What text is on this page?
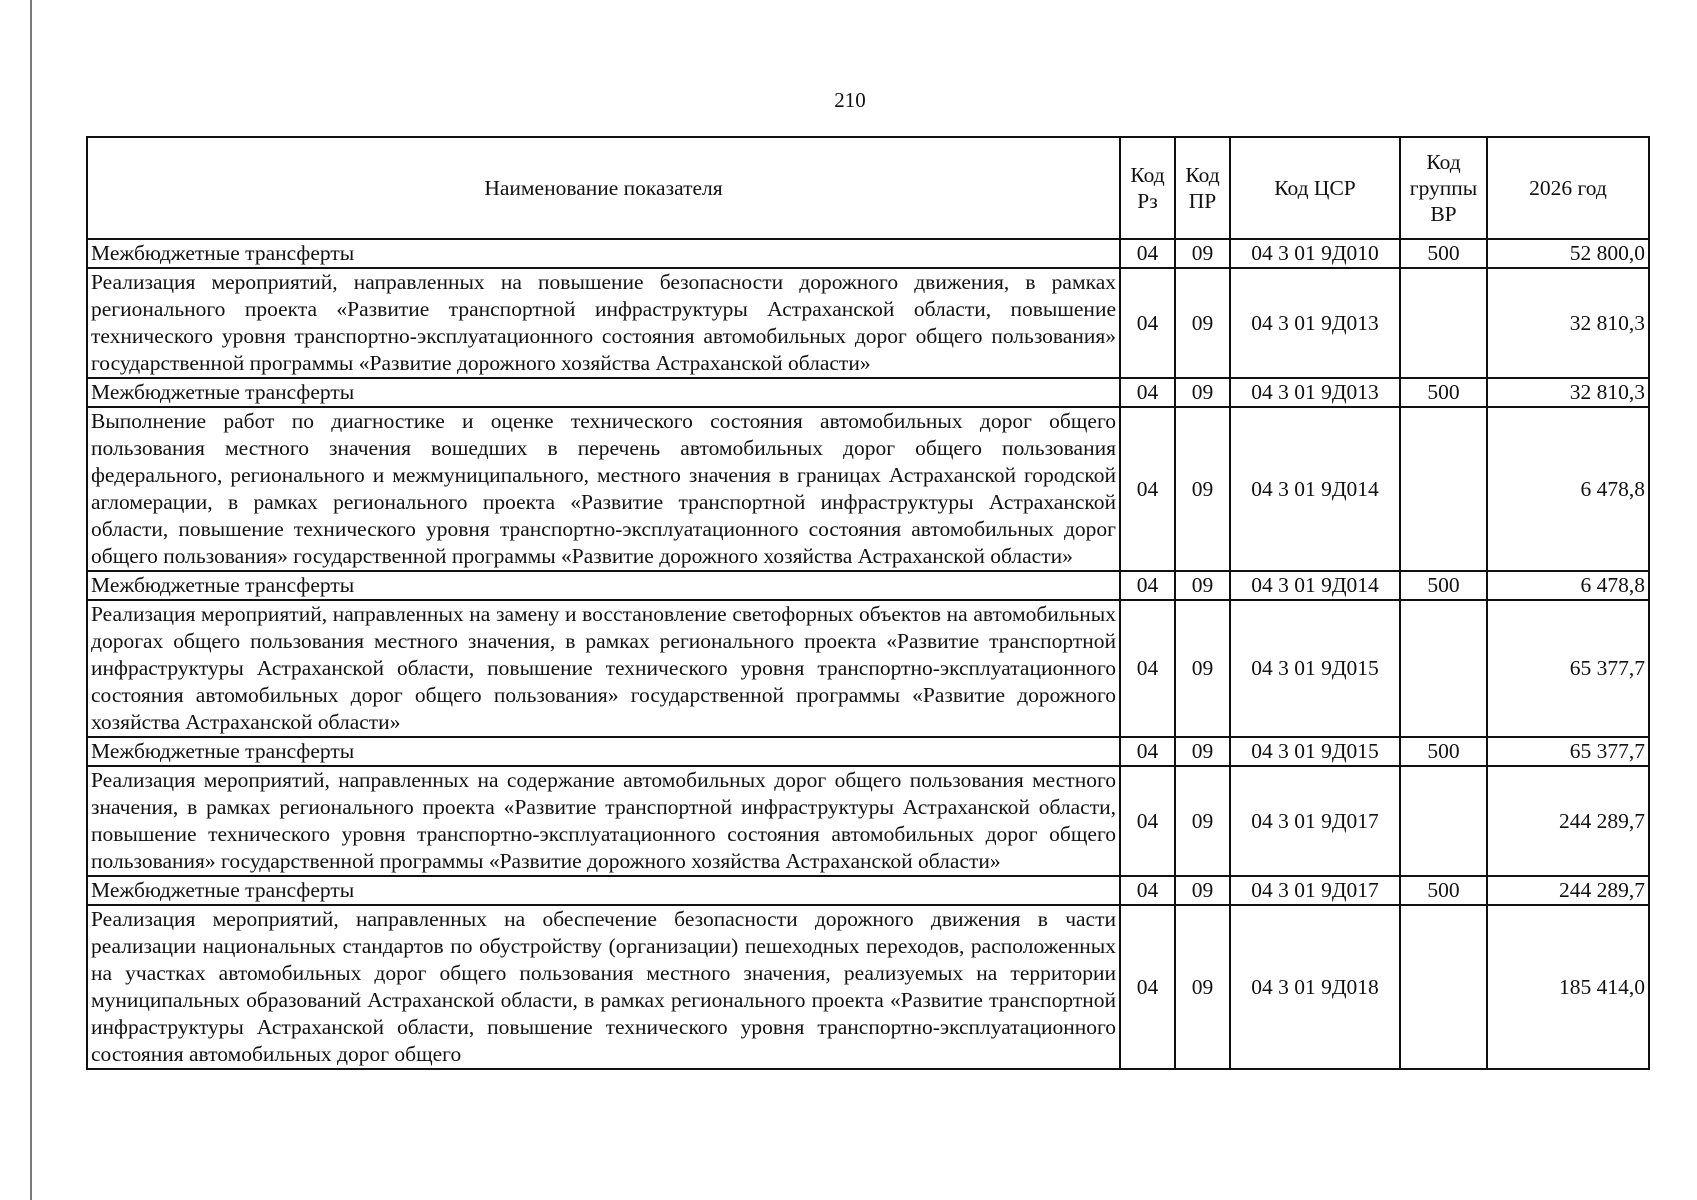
210
Наименование показателя	Код Рз	Код ПР	Код ЦСР	Код группы ВР	2026 год
Межбюджетные трансферты	04	09	04 3 01 9Д010	500	52 800,0
Реализация мероприятий, направленных на повышение безопасности дорожного движения, в рамках регионального проекта «Развитие транспортной инфраструктуры Астраханской области, повышение технического уровня транспортно-эксплуатационного состояния автомобильных дорог общего пользования» государственной программы «Развитие дорожного хозяйства Астраханской области»	04	09	04 3 01 9Д013		32 810,3
Межбюджетные трансферты	04	09	04 3 01 9Д013	500	32 810,3
Выполнение работ по диагностике и оценке технического состояния автомобильных дорог общего пользования местного значения вошедших в перечень автомобильных дорог общего пользования федерального, регионального и межмуниципального, местного значения в границах Астраханской городской агломерации, в рамках регионального проекта «Развитие транспортной инфраструктуры Астраханской области, повышение технического уровня транспортно-эксплуатационного состояния автомобильных дорог общего пользования» государственной программы «Развитие дорожного хозяйства Астраханской области»	04	09	04 3 01 9Д014		6 478,8
Межбюджетные трансферты	04	09	04 3 01 9Д014	500	6 478,8
Реализация мероприятий, направленных на замену и восстановление светофорных объектов на автомобильных дорогах общего пользования местного значения, в рамках регионального проекта «Развитие транспортной инфраструктуры Астраханской области, повышение технического уровня транспортно-эксплуатационного состояния автомобильных дорог общего пользования» государственной программы «Развитие дорожного хозяйства Астраханской области»	04	09	04 3 01 9Д015		65 377,7
Межбюджетные трансферты	04	09	04 3 01 9Д015	500	65 377,7
Реализация мероприятий, направленных на содержание автомобильных дорог общего пользования местного значения, в рамках регионального проекта «Развитие транспортной инфраструктуры Астраханской области, повышение технического уровня транспортно-эксплуатационного состояния автомобильных дорог общего пользования» государственной программы «Развитие дорожного хозяйства Астраханской области»	04	09	04 3 01 9Д017		244 289,7
Межбюджетные трансферты	04	09	04 3 01 9Д017	500	244 289,7
Реализация мероприятий, направленных на обеспечение безопасности дорожного движения в части реализации национальных стандартов по обустройству (организации) пешеходных переходов, расположенных на участках автомобильных дорог общего пользования местного значения, реализуемых на территории муниципальных образований Астраханской области, в рамках регионального проекта «Развитие транспортной инфраструктуры Астраханской области, повышение технического уровня транспортно-эксплуатационного состояния автомобильных дорог общего	04	09	04 3 01 9Д018		185 414,0
